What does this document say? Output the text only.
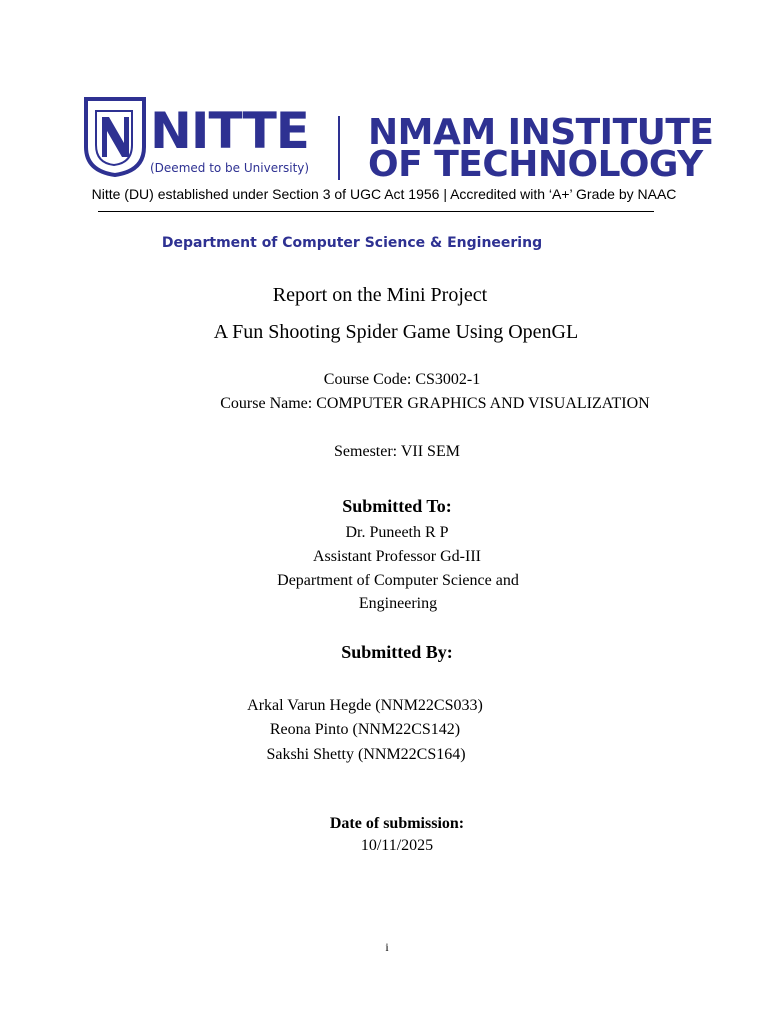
NITTE
(Deemed to be University)
NMAM INSTITUTE
OF TECHNOLOGY
Nitte (DU) established under Section 3 of UGC Act 1956 | Accredited with ‘A+’ Grade by NAAC
Department of Computer Science & Engineering
Report on the Mini Project
A Fun Shooting Spider Game Using OpenGL
Course Code: CS3002-1
Course Name: COMPUTER GRAPHICS AND VISUALIZATION
Semester: VII SEM
Submitted To:
Dr. Puneeth R P
Assistant Professor Gd-III
Department of Computer Science and
Engineering
Submitted By:
Arkal Varun Hegde (NNM22CS033)
Reona Pinto (NNM22CS142)
Sakshi Shetty (NNM22CS164)
Date of submission:
10/11/2025
i
